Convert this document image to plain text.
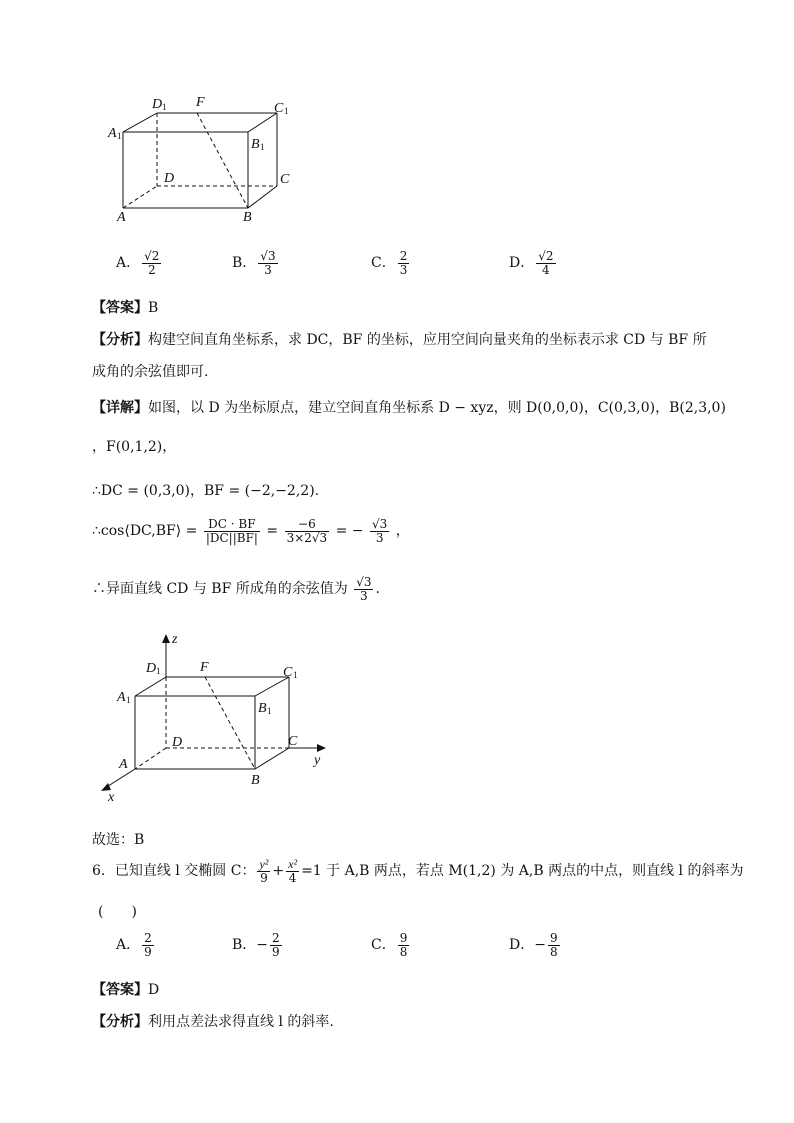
D 1 F	C 1
A 1
B 1
D	C
A	B
A． $\frac{√2}{2}$	B． $\frac{√3}{3}$	C． $\frac{2}{3}$	D． $\frac{√2}{4}$
【答案】B
【分析】构建空间直角坐标系，求 DC，BF 的坐标，应用空间向量夹角的坐标表示求 CD 与 BF 所
成角的余弦值即可.
【详解】如图，以 D 为坐标原点，建立空间直角坐标系 D − xyz，则 D(0,0,0)，C(0,3,0)，B(2,3,0)
，F(0,1,2)，
∴DC = (0,3,0)，BF = (−2,−2,2).
∴cos⟨DC,BF⟩ = $\frac{DC \cdot BF}{|DC||BF|} = \frac{-6}{3\times 2√3}$ = − $\frac{√3}{3}$ ，
∴异面直线 CD 与 BF 所成角的余弦值为 $\frac{√3}{3}$ .
z
y
x
D 1	F	C 1
A 1
B 1
D	C
A
B
故选：B
6．已知直线 l 交椭圆 C： $\frac{\text{y²}}{9} + \frac{\text{x²}}{4} =1$ 于 A,B 两点，若点 M(1,2) 为 A,B 两点的中点，则直线 l 的斜率为
(　　)
A． $\frac{2}{9}$	B．− $\frac{2}{9}$	C． $\frac{9}{8}$	D．− $\frac{9}{8}$
【答案】D
【分析】利用点差法求得直线 l 的斜率.
